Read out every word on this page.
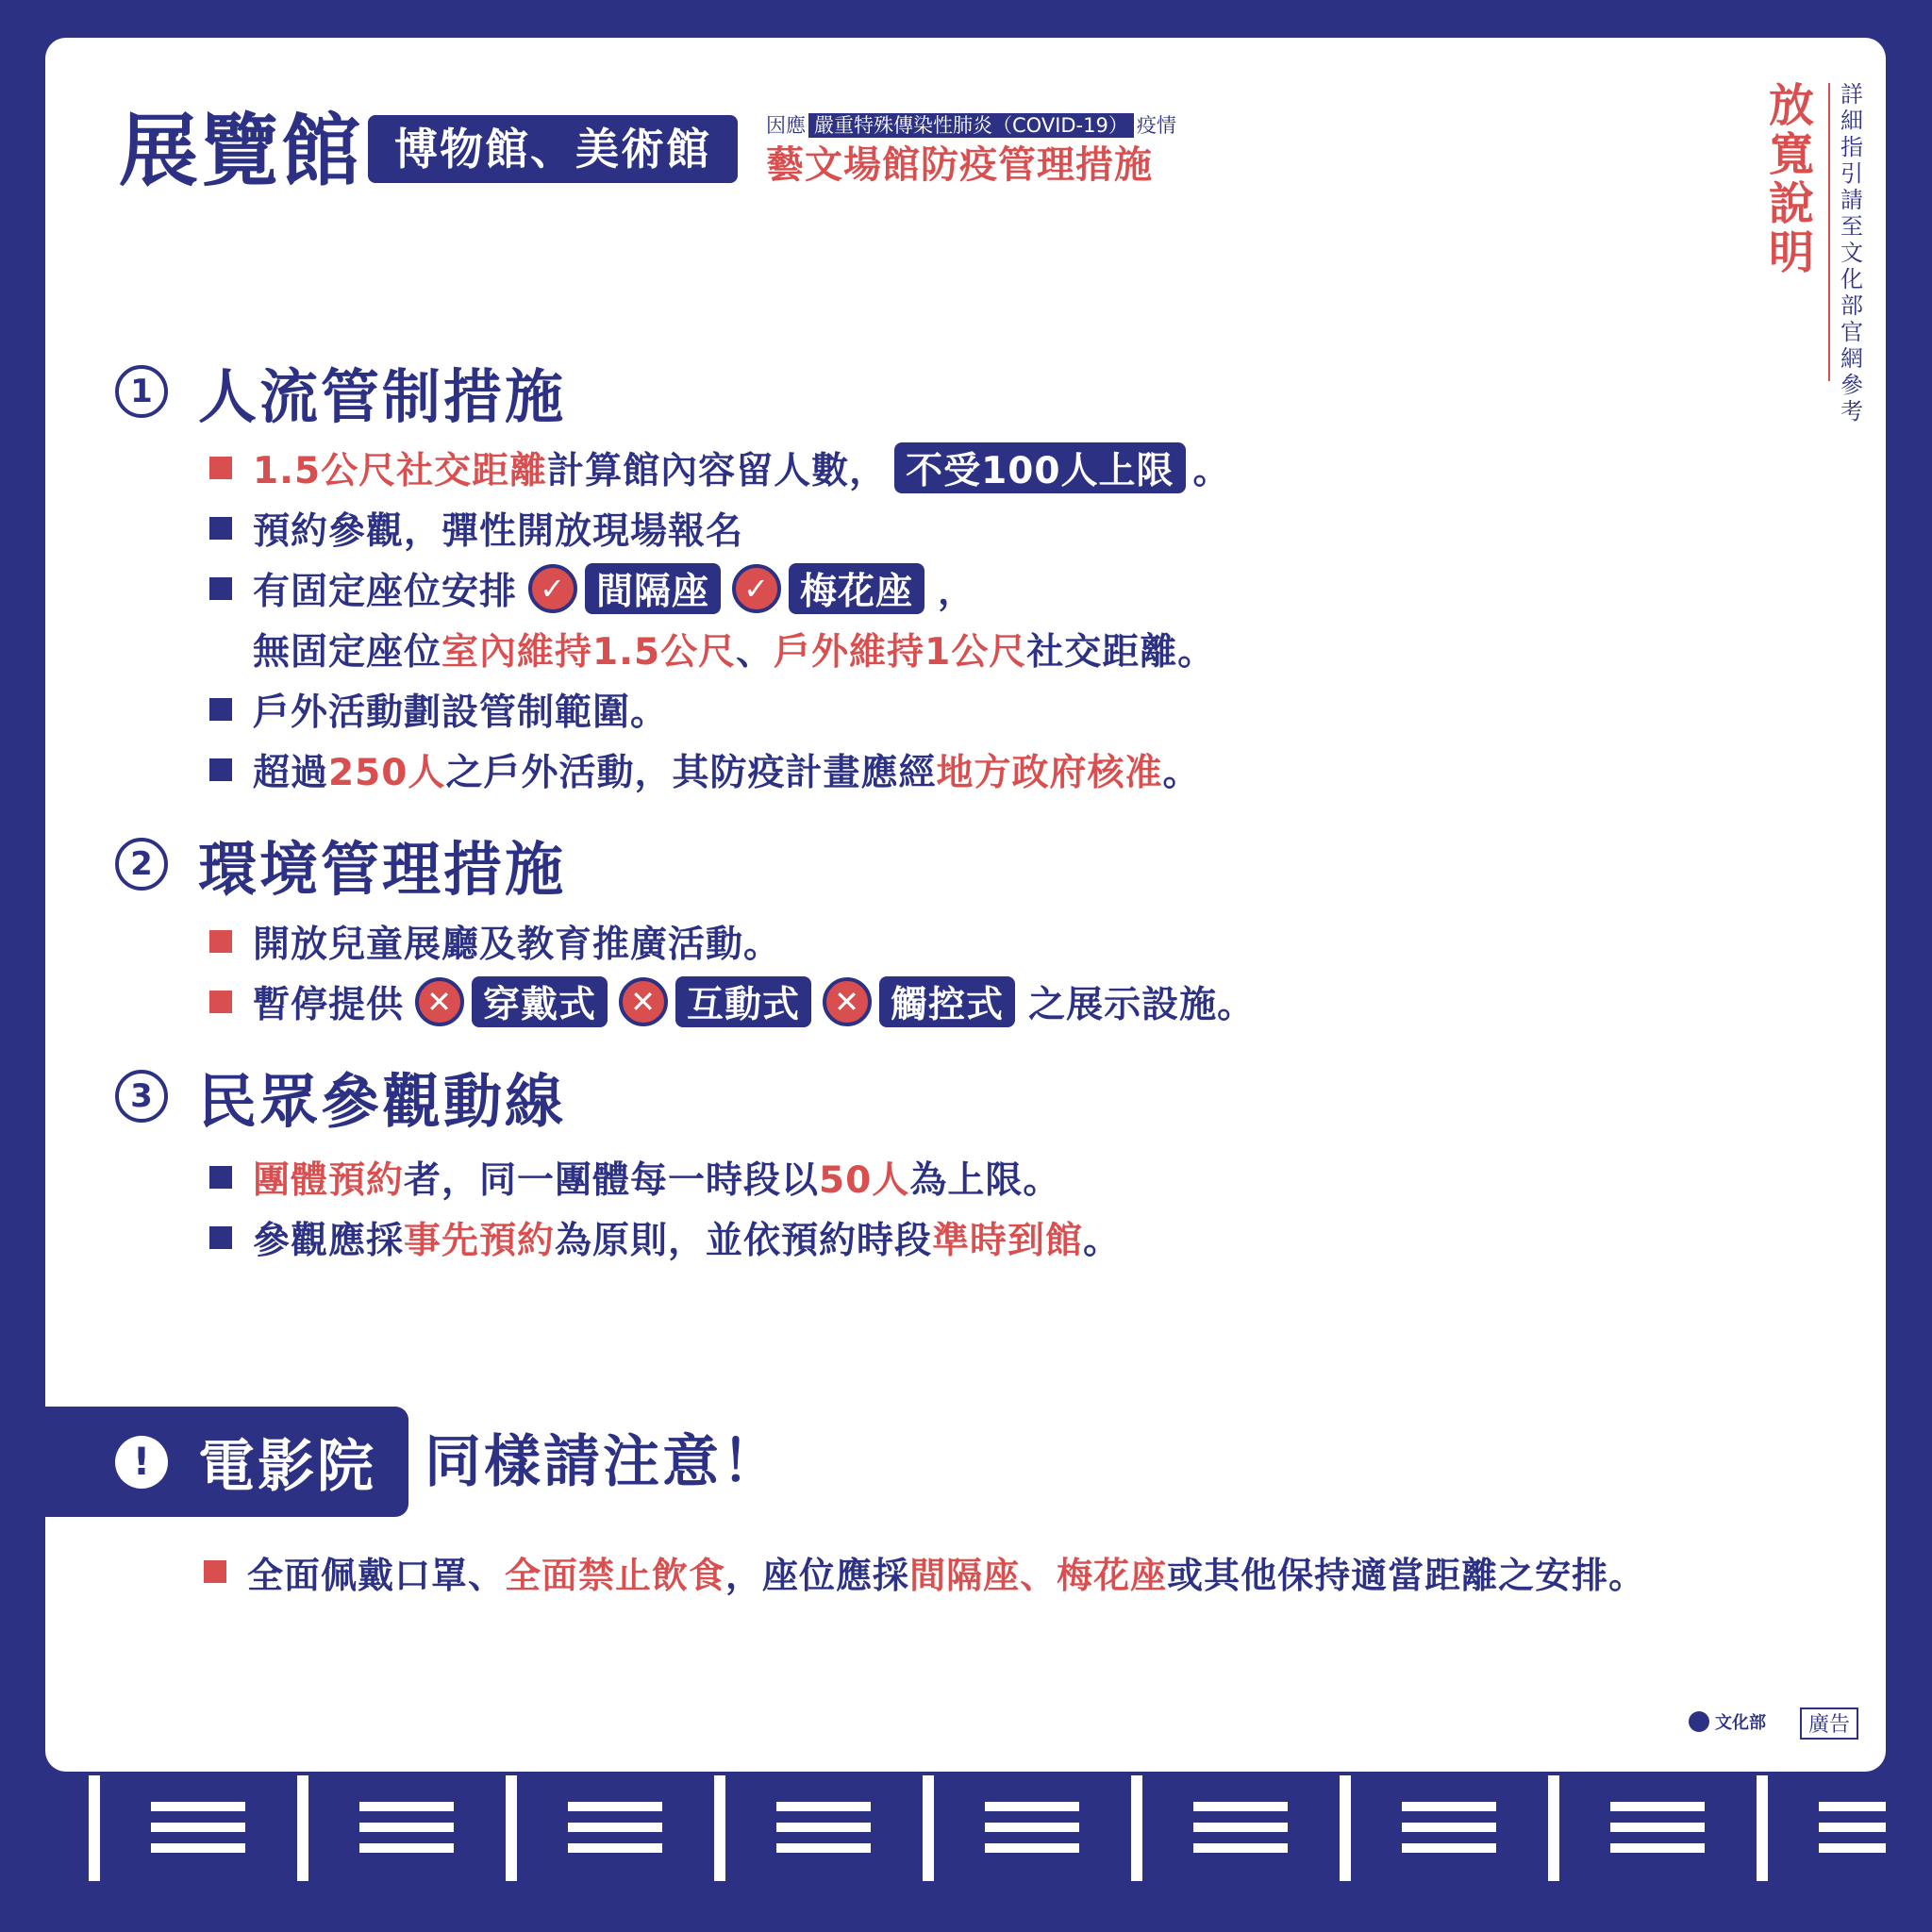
展覽館 博物館、美術館	因應 嚴重特殊傳染性肺炎（COVID-19） 疫情
藝文場館防疫管理措施
放
寬
說
明
詳
細
指
引
請
至
文
化
部
官
網
參
考
1 人流管制措施
1.5公尺社交距離 計算館內容留人數， 不受100人上限 。
預約參觀，彈性開放現場報名
有固定座位安排 ✓ 間隔座	✓ 梅花座 ，
無固定座位 室內維持1.5公尺 、 戶外維持1公尺 社交距離 。
戶外活動劃設管制範圍。
超過 250人 之戶外活動，其防疫計畫應經 地方政府核准 。
2 環境管理措施
開放兒童展廳及教育推廣活動。
暫停提供 ✕ 穿戴式	✕ 互動式	✕ 觸控式 之展示設施 。
3 民眾參觀動線
團體預約 者，同一團體每一時段以 50人 為上限 。
參觀應採 事先預約 為原則，並依預約時段 準時到館 。
! 電影院 同樣請注意！
全面佩戴口罩 、 全面禁止飲食 ，座位應採 間隔座 、 梅花座 或其他保持適當距離之安排 。
文化部	廣告
